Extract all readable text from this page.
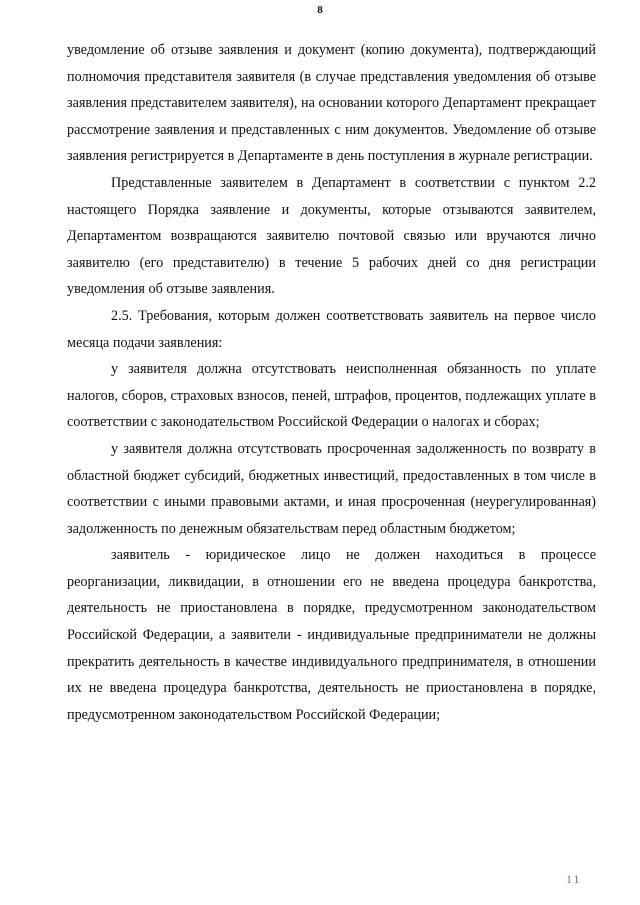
8

уведомление об отзыве заявления и документ (копию документа), подтверждающий полномочия представителя заявителя (в случае представления уведомления об отзыве заявления представителем заявителя), на основании которого Департамент прекращает рассмотрение заявления и представленных с ним документов. Уведомление об отзыве заявления регистрируется в Департаменте в день поступления в журнале регистрации.

Представленные заявителем в Департамент в соответствии с пунктом 2.2 настоящего Порядка заявление и документы, которые отзываются заявителем, Департаментом возвращаются заявителю почтовой связью или вручаются лично заявителю (его представителю) в течение 5 рабочих дней со дня регистрации уведомления об отзыве заявления.

2.5. Требования, которым должен соответствовать заявитель на первое число месяца подачи заявления:

у заявителя должна отсутствовать неисполненная обязанность по уплате налогов, сборов, страховых взносов, пеней, штрафов, процентов, подлежащих уплате в соответствии с законодательством Российской Федерации о налогах и сборах;

у заявителя должна отсутствовать просроченная задолженность по возврату в областной бюджет субсидий, бюджетных инвестиций, предоставленных в том числе в соответствии с иными правовыми актами, и иная просроченная (неурегулированная) задолженность по денежным обязательствам перед областным бюджетом;

заявитель - юридическое лицо не должен находиться в процессе реорганизации, ликвидации, в отношении его не введена процедура банкротства, деятельность не приостановлена в порядке, предусмотренном законодательством Российской Федерации, а заявители - индивидуальные предприниматели не должны прекратить деятельность в качестве индивидуального предпринимателя, в отношении их не введена процедура банкротства, деятельность не приостановлена в порядке, предусмотренном законодательством Российской Федерации;

11
